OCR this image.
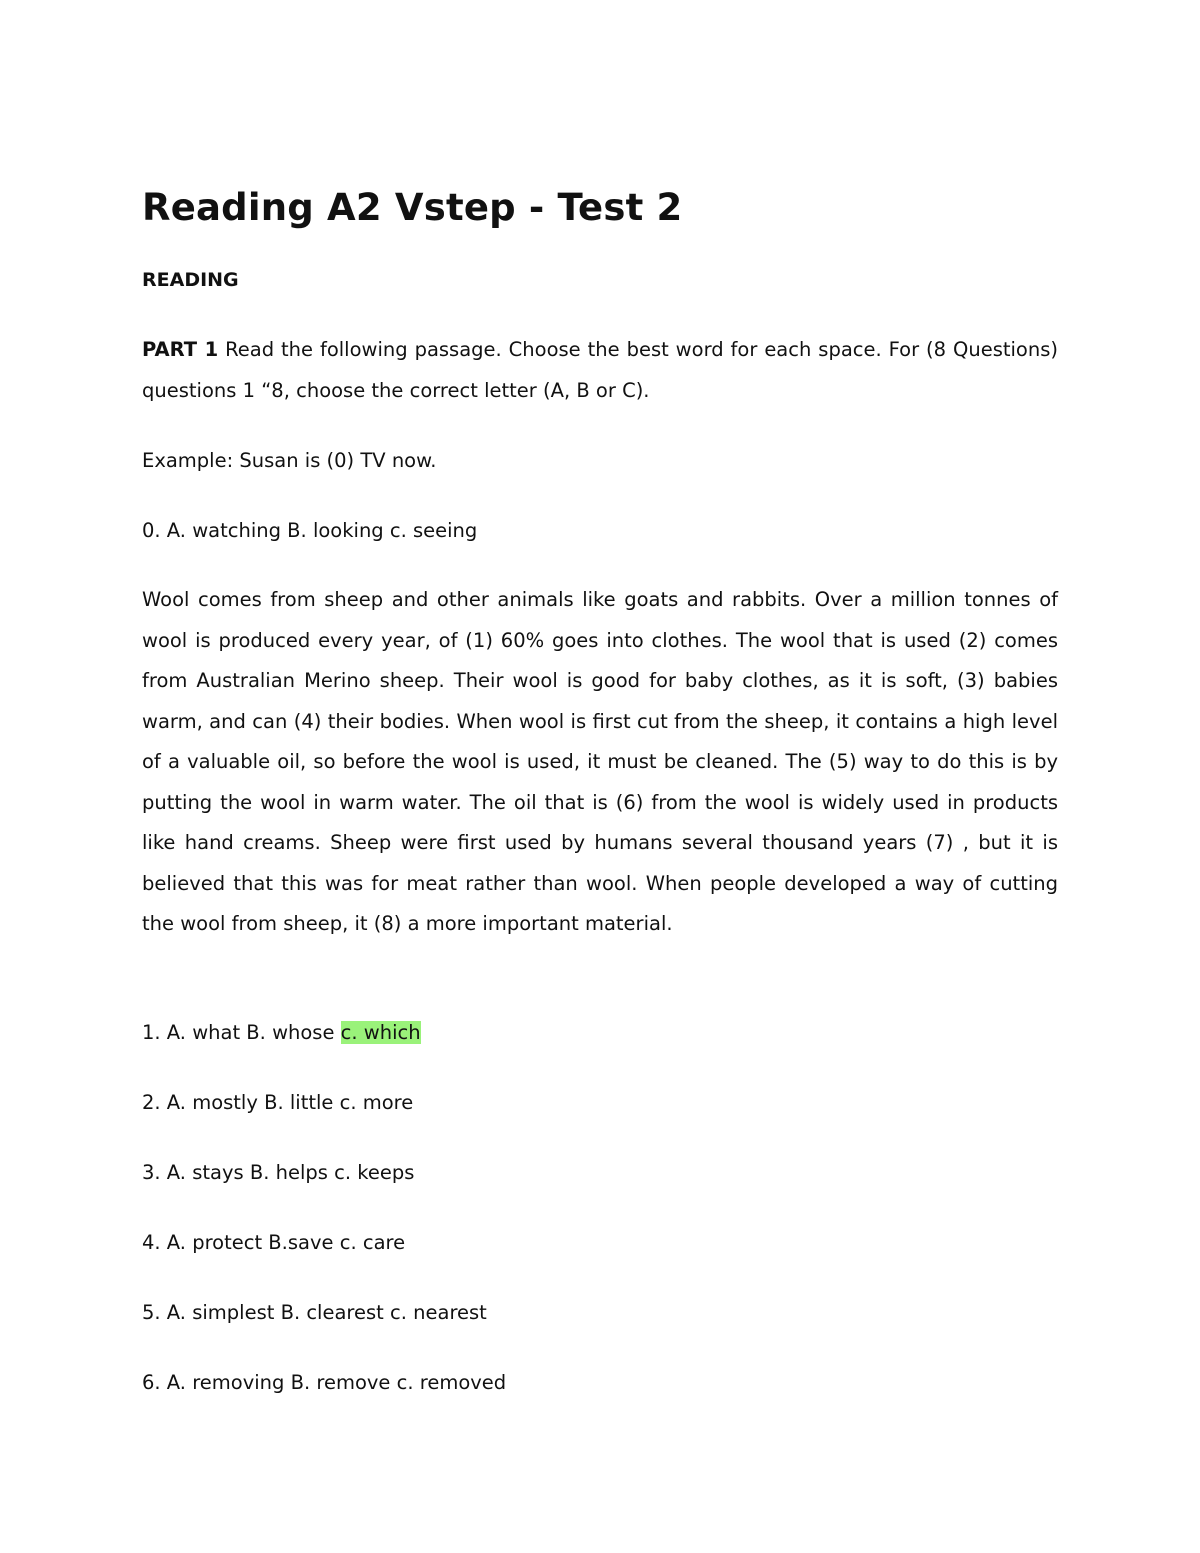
Reading A2 Vstep - Test 2

READING

PART 1 Read the following passage. Choose the best word for each space. For (8 Questions) questions 1 “8, choose the correct letter (A, B or C).

Example: Susan is (0) TV now.

0. A. watching B. looking c. seeing

Wool comes from sheep and other animals like goats and rabbits. Over a million tonnes of wool is produced every year, of (1) 60% goes into clothes. The wool that is used (2) comes from Australian Merino sheep. Their wool is good for baby clothes, as it is soft, (3) babies warm, and can (4) their bodies. When wool is first cut from the sheep, it contains a high level of a valuable oil, so before the wool is used, it must be cleaned. The (5) way to do this is by putting the wool in warm water. The oil that is (6) from the wool is widely used in products like hand creams. Sheep were first used by humans several thousand years (7) , but it is believed that this was for meat rather than wool. When people developed a way of cutting the wool from sheep, it (8) a more important material.

1. A. what B. whose c. which

2. A. mostly B. little c. more

3. A. stays B. helps c. keeps

4. A. protect B.save c. care

5. A. simplest B. clearest c. nearest

6. A. removing B. remove c. removed
